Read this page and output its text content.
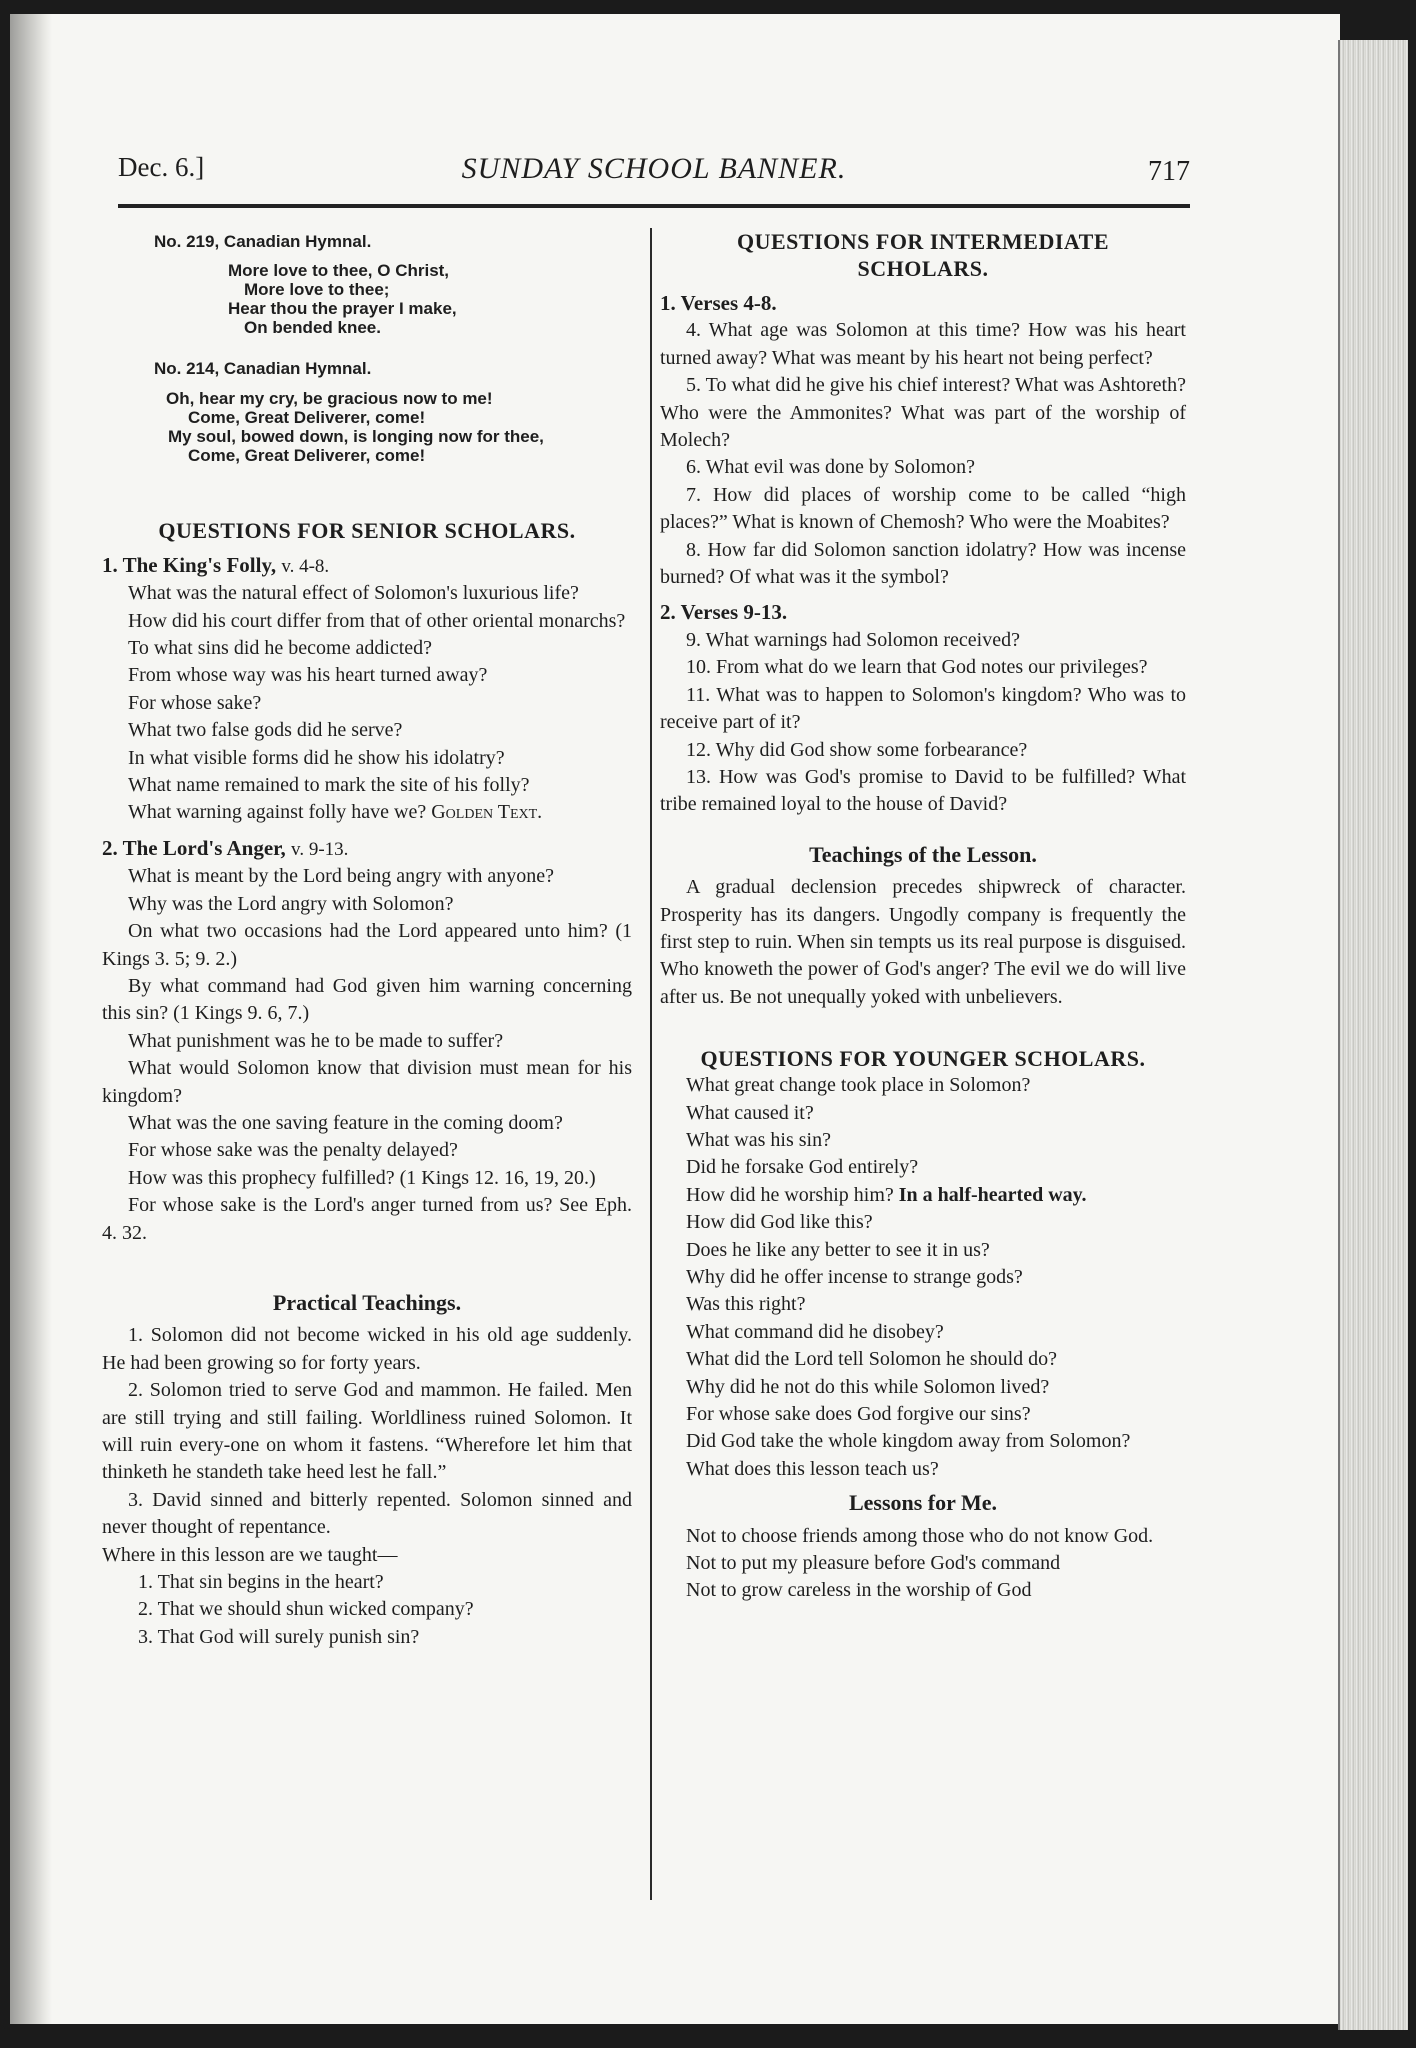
Dec. 6.]	SUNDAY SCHOOL BANNER.	717
No. 219, Canadian Hymnal.
More love to thee, O Christ,
More love to thee;
Hear thou the prayer I make,
On bended knee.
No. 214, Canadian Hymnal.
Oh, hear my cry, be gracious now to me!
Come, Great Deliverer, come!
My soul, bowed down, is longing now for thee,
Come, Great Deliverer, come!
QUESTIONS FOR SENIOR SCHOLARS.
1. The King's Folly, v. 4-8.
What was the natural effect of Solomon's luxurious life?
How did his court differ from that of other oriental monarchs?
To what sins did he become addicted?
From whose way was his heart turned away?
For whose sake?
What two false gods did he serve?
In what visible forms did he show his idolatry?
What name remained to mark the site of his folly?
What warning against folly have we? Golden Text.
2. The Lord's Anger, v. 9-13.
What is meant by the Lord being angry with anyone?
Why was the Lord angry with Solomon?
On what two occasions had the Lord appeared unto him? (1 Kings 3. 5; 9. 2.)
By what command had God given him warning concerning this sin? (1 Kings 9. 6, 7.)
What punishment was he to be made to suffer?
What would Solomon know that division must mean for his kingdom?
What was the one saving feature in the coming doom?
For whose sake was the penalty delayed?
How was this prophecy fulfilled? (1 Kings 12. 16, 19, 20.)
For whose sake is the Lord's anger turned from us? See Eph. 4. 32.
Practical Teachings.
1. Solomon did not become wicked in his old age suddenly. He had been growing so for forty years.
2. Solomon tried to serve God and mammon. He failed. Men are still trying and still failing. Worldliness ruined Solomon. It will ruin every-one on whom it fastens. “Wherefore let him that thinketh he standeth take heed lest he fall.”
3. David sinned and bitterly repented. Solomon sinned and never thought of repentance.
Where in this lesson are we taught—
1. That sin begins in the heart?
2. That we should shun wicked company?
3. That God will surely punish sin?
QUESTIONS FOR INTERMEDIATE SCHOLARS.
1. Verses 4-8.
4. What age was Solomon at this time? How was his heart turned away? What was meant by his heart not being perfect?
5. To what did he give his chief interest? What was Ashtoreth? Who were the Ammonites? What was part of the worship of Molech?
6. What evil was done by Solomon?
7. How did places of worship come to be called “high places?” What is known of Chemosh? Who were the Moabites?
8. How far did Solomon sanction idolatry? How was incense burned? Of what was it the symbol?
2. Verses 9-13.
9. What warnings had Solomon received?
10. From what do we learn that God notes our privileges?
11. What was to happen to Solomon's kingdom? Who was to receive part of it?
12. Why did God show some forbearance?
13. How was God's promise to David to be fulfilled? What tribe remained loyal to the house of David?
Teachings of the Lesson.
A gradual declension precedes shipwreck of character. Prosperity has its dangers. Ungodly company is frequently the first step to ruin. When sin tempts us its real purpose is disguised. Who knoweth the power of God's anger? The evil we do will live after us. Be not unequally yoked with unbelievers.
QUESTIONS FOR YOUNGER SCHOLARS.
What great change took place in Solomon?
What caused it?
What was his sin?
Did he forsake God entirely?
How did he worship him? In a half-hearted way.
How did God like this?
Does he like any better to see it in us?
Why did he offer incense to strange gods?
Was this right?
What command did he disobey?
What did the Lord tell Solomon he should do?
Why did he not do this while Solomon lived?
For whose sake does God forgive our sins?
Did God take the whole kingdom away from Solomon?
What does this lesson teach us?
Lessons for Me.
Not to choose friends among those who do not know God.
Not to put my pleasure before God's command
Not to grow careless in the worship of God
